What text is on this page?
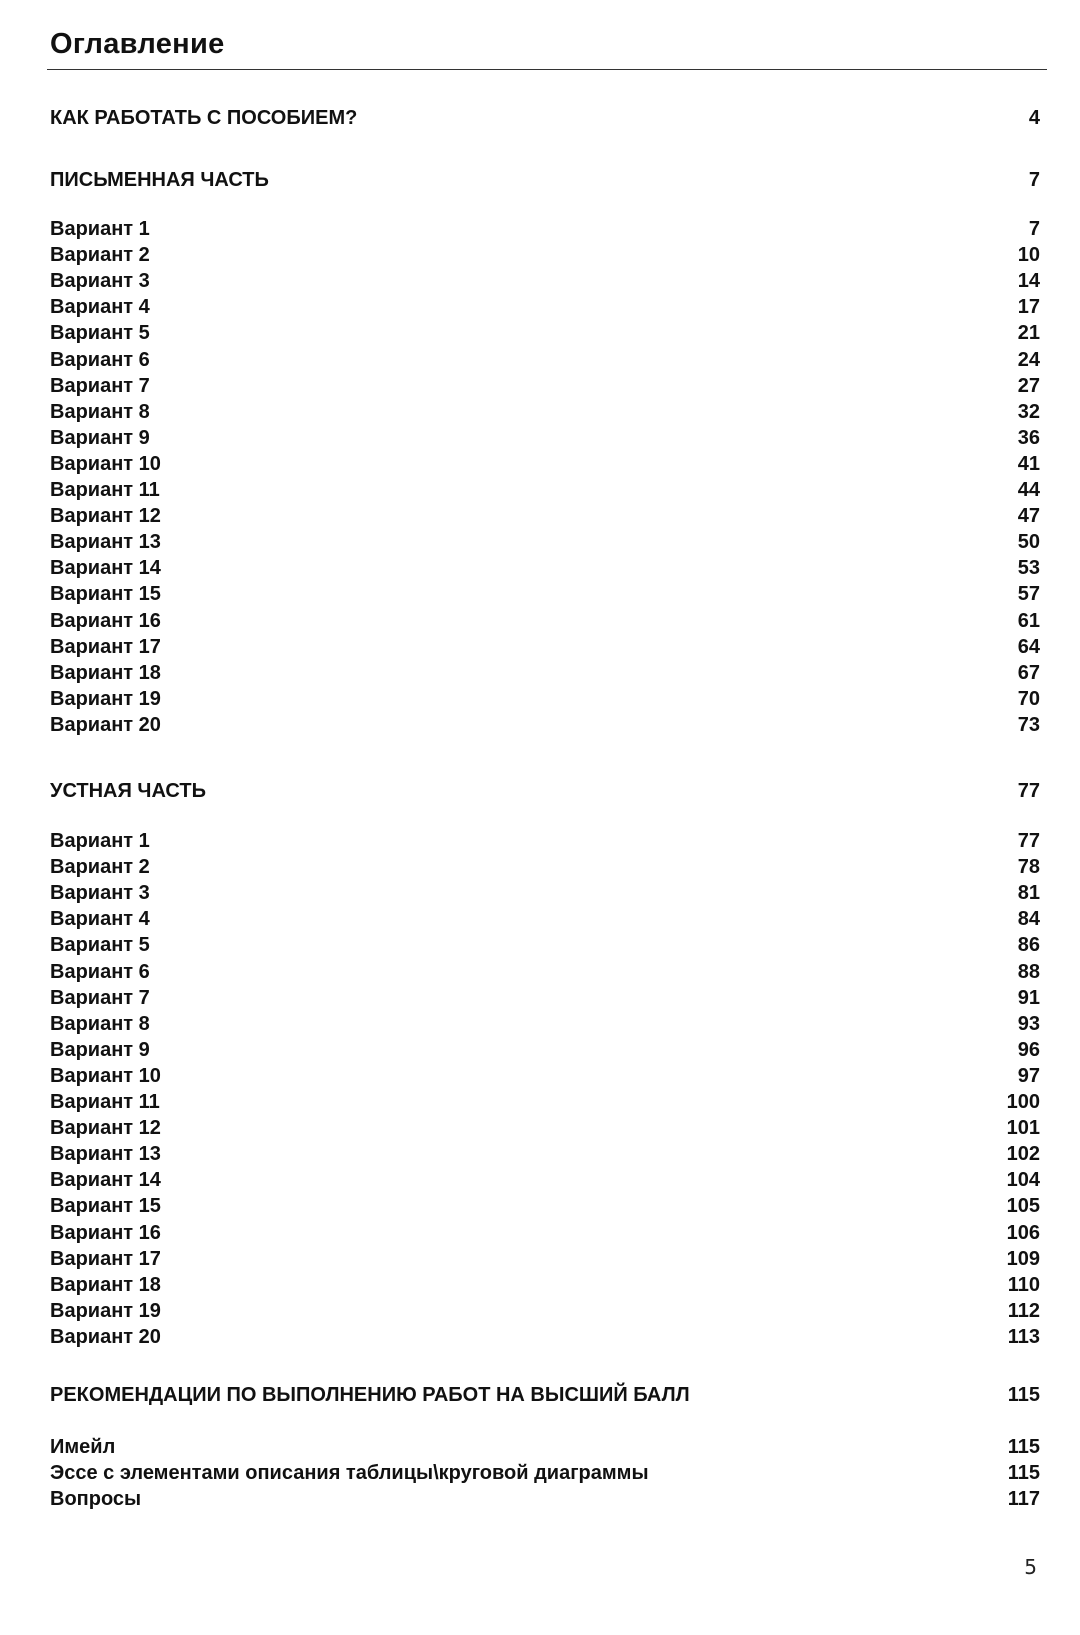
Оглавление
КАК РАБОТАТЬ С ПОСОБИЕМ?	4
ПИСЬМЕННАЯ ЧАСТЬ	7
Вариант 1	7
Вариант 2	10
Вариант 3	14
Вариант 4	17
Вариант 5	21
Вариант 6	24
Вариант 7	27
Вариант 8	32
Вариант 9	36
Вариант 10	41
Вариант 11	44
Вариант 12	47
Вариант 13	50
Вариант 14	53
Вариант 15	57
Вариант 16	61
Вариант 17	64
Вариант 18	67
Вариант 19	70
Вариант 20	73
УСТНАЯ ЧАСТЬ	77
Вариант 1	77
Вариант 2	78
Вариант 3	81
Вариант 4	84
Вариант 5	86
Вариант 6	88
Вариант 7	91
Вариант 8	93
Вариант 9	96
Вариант 10	97
Вариант 11	100
Вариант 12	101
Вариант 13	102
Вариант 14	104
Вариант 15	105
Вариант 16	106
Вариант 17	109
Вариант 18	110
Вариант 19	112
Вариант 20	113
РЕКОМЕНДАЦИИ ПО ВЫПОЛНЕНИЮ РАБОТ НА ВЫСШИЙ БАЛЛ	115
Имейл	115
Эссе с элементами описания таблицы\круговой диаграммы	115
Вопросы	117
5
